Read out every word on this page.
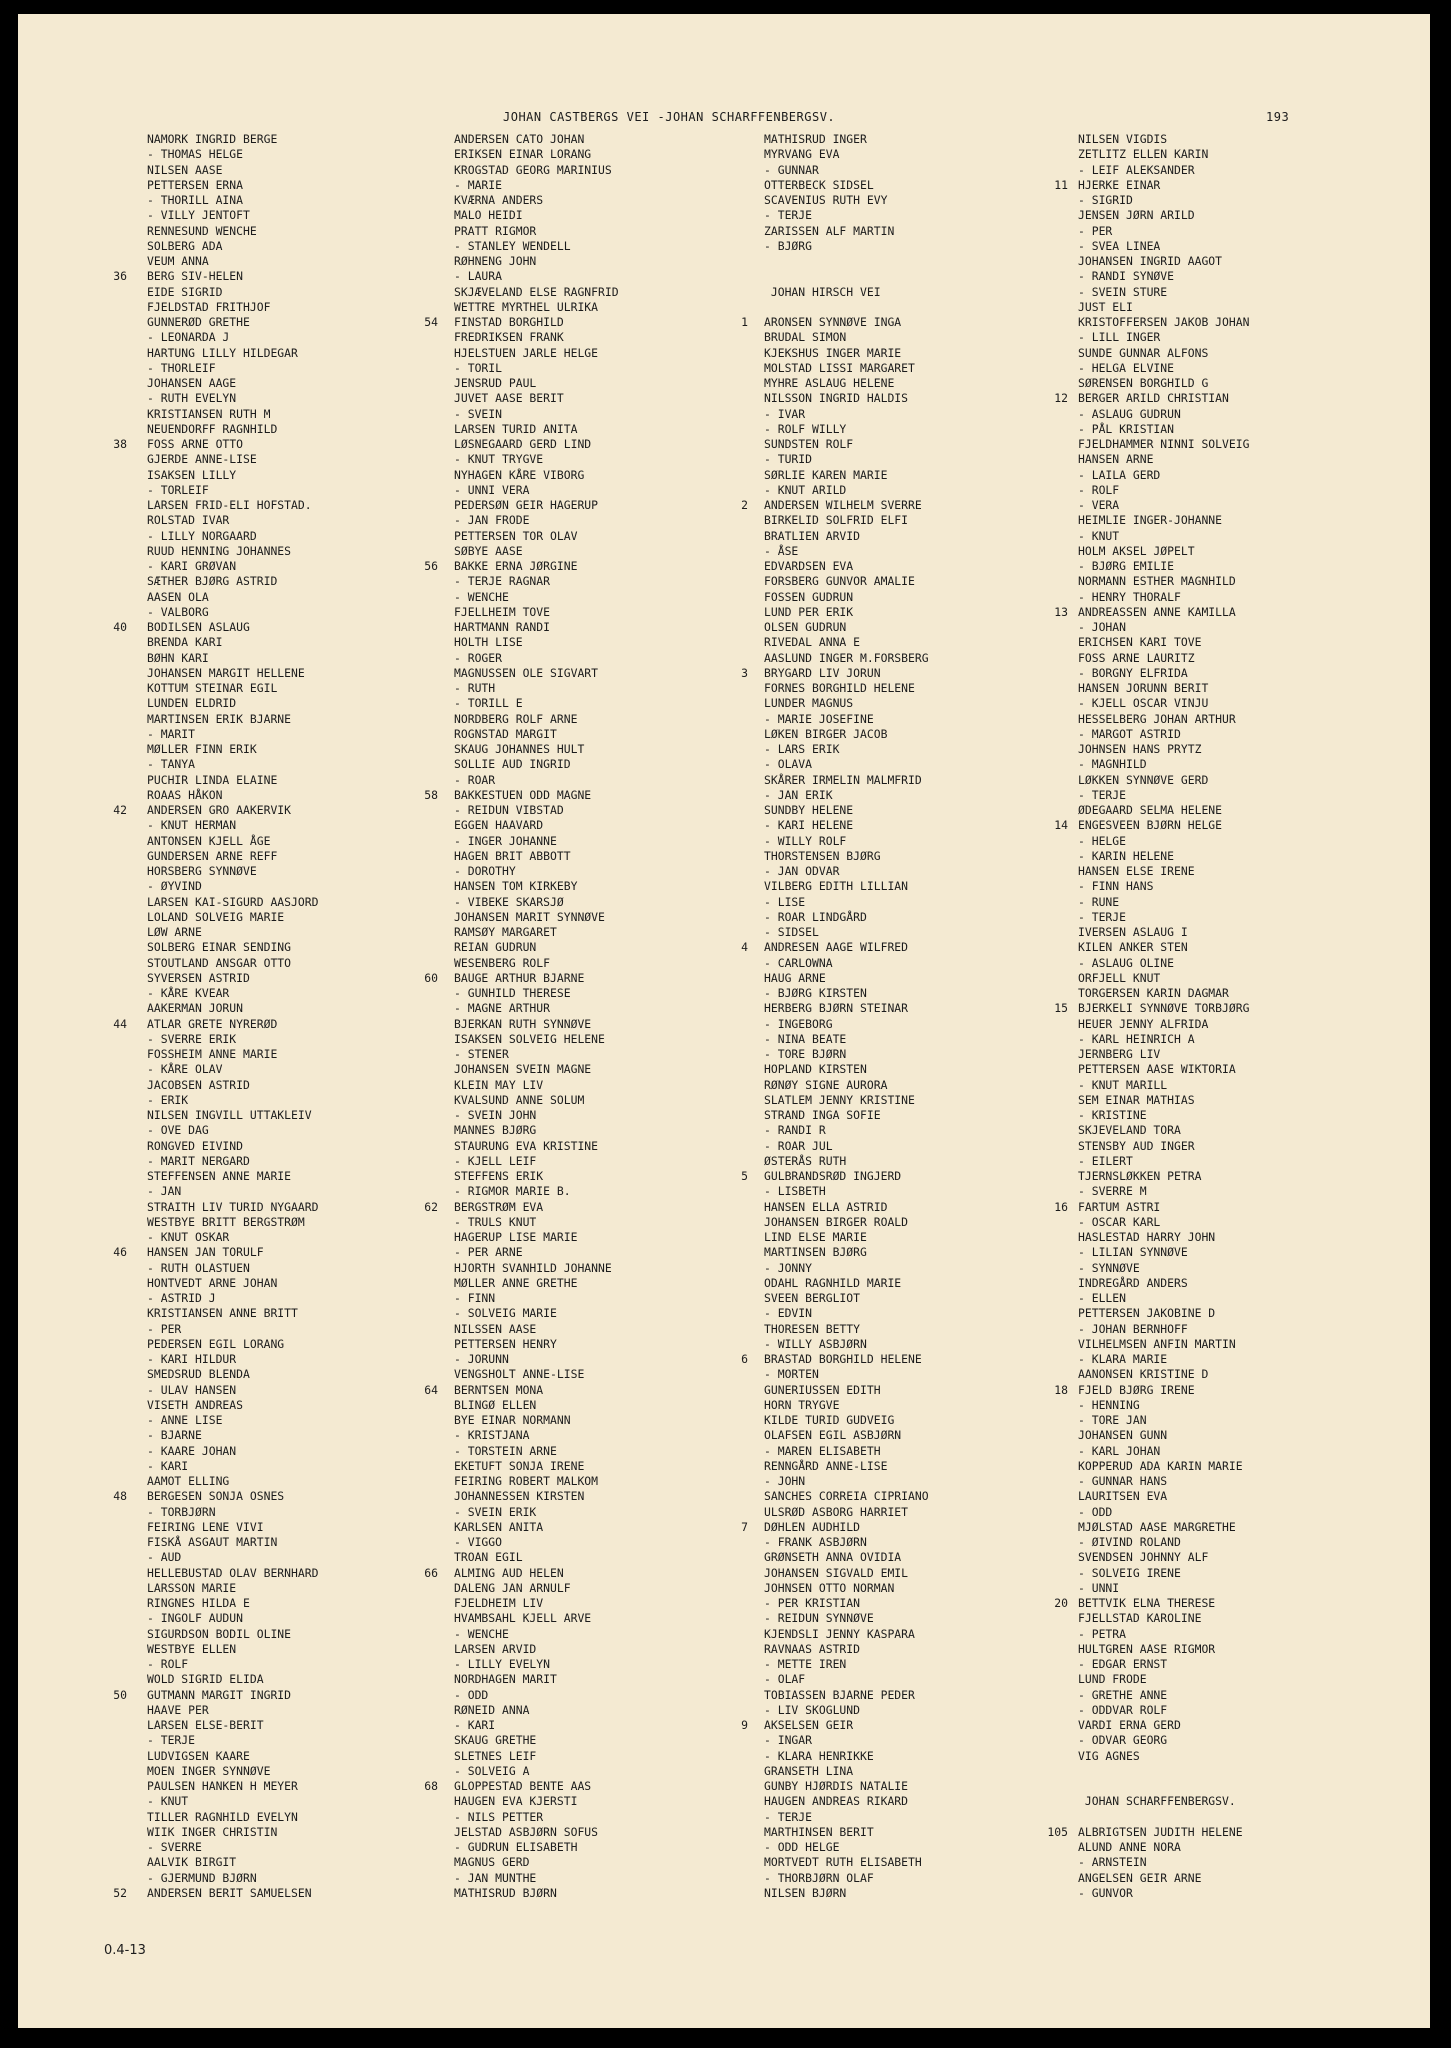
JOHAN CASTBERGS VEI -JOHAN SCHARFFENBERGSV.	193
NAMORK INGRID BERGE
- THOMAS HELGE
NILSEN AASE
PETTERSEN ERNA
- THORILL AINA
- VILLY JENTOFT
RENNESUND WENCHE
SOLBERG ADA
VEUM ANNA
36 BERG SIV-HELEN
EIDE SIGRID
FJELDSTAD FRITHJOF
GUNNERØD GRETHE
- LEONARDA J
HARTUNG LILLY HILDEGAR
- THORLEIF
JOHANSEN AAGE
- RUTH EVELYN
KRISTIANSEN RUTH M
NEUENDORFF RAGNHILD
38 FOSS ARNE OTTO
GJERDE ANNE-LISE
ISAKSEN LILLY
- TORLEIF
LARSEN FRID-ELI HOFSTAD.
ROLSTAD IVAR
- LILLY NORGAARD
RUUD HENNING JOHANNES
- KARI GRØVAN
SÆTHER BJØRG ASTRID
AASEN OLA
- VALBORG
40 BODILSEN ASLAUG
BRENDA KARI
BØHN KARI
JOHANSEN MARGIT HELLENE
KOTTUM STEINAR EGIL
LUNDEN ELDRID
MARTINSEN ERIK BJARNE
- MARIT
MØLLER FINN ERIK
- TANYA
PUCHIR LINDA ELAINE
ROAAS HÅKON
42 ANDERSEN GRO AAKERVIK
- KNUT HERMAN
ANTONSEN KJELL ÅGE
GUNDERSEN ARNE REFF
HORSBERG SYNNØVE
- ØYVIND
LARSEN KAI-SIGURD AASJORD
LOLAND SOLVEIG MARIE
LØW ARNE
SOLBERG EINAR SENDING
STOUTLAND ANSGAR OTTO
SYVERSEN ASTRID
- KÅRE KVEAR
AAKERMAN JORUN
44 ATLAR GRETE NYRERØD
- SVERRE ERIK
FOSSHEIM ANNE MARIE
- KÅRE OLAV
JACOBSEN ASTRID
- ERIK
NILSEN INGVILL UTTAKLEIV
- OVE DAG
RONGVED EIVIND
- MARIT NERGARD
STEFFENSEN ANNE MARIE
- JAN
STRAITH LIV TURID NYGAARD
WESTBYE BRITT BERGSTRØM
- KNUT OSKAR
46 HANSEN JAN TORULF
- RUTH OLASTUEN
HONTVEDT ARNE JOHAN
- ASTRID J
KRISTIANSEN ANNE BRITT
- PER
PEDERSEN EGIL LORANG
- KARI HILDUR
SMEDSRUD BLENDA
- ULAV HANSEN
VISETH ANDREAS
- ANNE LISE
- BJARNE
- KAARE JOHAN
- KARI
AAMOT ELLING
48 BERGESEN SONJA OSNES
- TORBJØRN
FEIRING LENE VIVI
FISKÅ ASGAUT MARTIN
- AUD
HELLEBUSTAD OLAV BERNHARD
LARSSON MARIE
RINGNES HILDA E
- INGOLF AUDUN
SIGURDSON BODIL OLINE
WESTBYE ELLEN
- ROLF
WOLD SIGRID ELIDA
50 GUTMANN MARGIT INGRID
HAAVE PER
LARSEN ELSE-BERIT
- TERJE
LUDVIGSEN KAARE
MOEN INGER SYNNØVE
PAULSEN HANKEN H MEYER
- KNUT
TILLER RAGNHILD EVELYN
WIIK INGER CHRISTIN
- SVERRE
AALVIK BIRGIT
- GJERMUND BJØRN
52 ANDERSEN BERIT SAMUELSEN
ANDERSEN CATO JOHAN
ERIKSEN EINAR LORANG
KROGSTAD GEORG MARINIUS
- MARIE
KVÆRNA ANDERS
MALO HEIDI
PRATT RIGMOR
- STANLEY WENDELL
RØHNENG JOHN
- LAURA
SKJÆVELAND ELSE RAGNFRID
WETTRE MYRTHEL ULRIKA
54 FINSTAD BORGHILD
FREDRIKSEN FRANK
HJELSTUEN JARLE HELGE
- TORIL
JENSRUD PAUL
JUVET AASE BERIT
- SVEIN
LARSEN TURID ANITA
LØSNEGAARD GERD LIND
- KNUT TRYGVE
NYHAGEN KÅRE VIBORG
- UNNI VERA
PEDERSØN GEIR HAGERUP
- JAN FRODE
PETTERSEN TOR OLAV
SØBYE AASE
56 BAKKE ERNA JØRGINE
- TERJE RAGNAR
- WENCHE
FJELLHEIM TOVE
HARTMANN RANDI
HOLTH LISE
- ROGER
MAGNUSSEN OLE SIGVART
- RUTH
- TORILL E
NORDBERG ROLF ARNE
ROGNSTAD MARGIT
SKAUG JOHANNES HULT
SOLLIE AUD INGRID
- ROAR
58 BAKKESTUEN ODD MAGNE
- REIDUN VIBSTAD
EGGEN HAAVARD
- INGER JOHANNE
HAGEN BRIT ABBOTT
- DOROTHY
HANSEN TOM KIRKEBY
- VIBEKE SKARSJØ
JOHANSEN MARIT SYNNØVE
RAMSØY MARGARET
REIAN GUDRUN
WESENBERG ROLF
60 BAUGE ARTHUR BJARNE
- GUNHILD THERESE
- MAGNE ARTHUR
BJERKAN RUTH SYNNØVE
ISAKSEN SOLVEIG HELENE
- STENER
JOHANSEN SVEIN MAGNE
KLEIN MAY LIV
KVALSUND ANNE SOLUM
- SVEIN JOHN
MANNES BJØRG
STAURUNG EVA KRISTINE
- KJELL LEIF
STEFFENS ERIK
- RIGMOR MARIE B.
62 BERGSTRØM EVA
- TRULS KNUT
HAGERUP LISE MARIE
- PER ARNE
HJORTH SVANHILD JOHANNE
MØLLER ANNE GRETHE
- FINN
- SOLVEIG MARIE
NILSSEN AASE
PETTERSEN HENRY
- JORUNN
VENGSHOLT ANNE-LISE
64 BERNTSEN MONA
BLINGØ ELLEN
BYE EINAR NORMANN
- KRISTJANA
- TORSTEIN ARNE
EKETUFT SONJA IRENE
FEIRING ROBERT MALKOM
JOHANNESSEN KIRSTEN
- SVEIN ERIK
KARLSEN ANITA
- VIGGO
TROAN EGIL
66 ALMING AUD HELEN
DALENG JAN ARNULF
FJELDHEIM LIV
HVAMBSAHL KJELL ARVE
- WENCHE
LARSEN ARVID
- LILLY EVELYN
NORDHAGEN MARIT
- ODD
RØNEID ANNA
- KARI
SKAUG GRETHE
SLETNES LEIF
- SOLVEIG A
68 GLOPPESTAD BENTE AAS
HAUGEN EVA KJERSTI
- NILS PETTER
JELSTAD ASBJØRN SOFUS
- GUDRUN ELISABETH
MAGNUS GERD
- JAN MUNTHE
MATHISRUD BJØRN
MATHISRUD INGER
MYRVANG EVA
- GUNNAR
OTTERBECK SIDSEL
SCAVENIUS RUTH EVY
- TERJE
ZARISSEN ALF MARTIN
- BJØRG
JOHAN HIRSCH VEI
1 ARONSEN SYNNØVE INGA
BRUDAL SIMON
KJEKSHUS INGER MARIE
MOLSTAD LISSI MARGARET
MYHRE ASLAUG HELENE
NILSSON INGRID HALDIS
- IVAR
- ROLF WILLY
SUNDSTEN ROLF
- TURID
SØRLIE KAREN MARIE
- KNUT ARILD
2 ANDERSEN WILHELM SVERRE
BIRKELID SOLFRID ELFI
BRATLIEN ARVID
- ÅSE
EDVARDSEN EVA
FORSBERG GUNVOR AMALIE
FOSSEN GUDRUN
LUND PER ERIK
OLSEN GUDRUN
RIVEDAL ANNA E
AASLUND INGER M.FORSBERG
3 BRYGARD LIV JORUN
FORNES BORGHILD HELENE
LUNDER MAGNUS
- MARIE JOSEFINE
LØKEN BIRGER JACOB
- LARS ERIK
- OLAVA
SKÅRER IRMELIN MALMFRID
- JAN ERIK
SUNDBY HELENE
- KARI HELENE
- WILLY ROLF
THORSTENSEN BJØRG
- JAN ODVAR
VILBERG EDITH LILLIAN
- LISE
- ROAR LINDGÅRD
- SIDSEL
4 ANDRESEN AAGE WILFRED
- CARLOWNA
HAUG ARNE
- BJØRG KIRSTEN
HERBERG BJØRN STEINAR
- INGEBORG
- NINA BEATE
- TORE BJØRN
HOPLAND KIRSTEN
RØNØY SIGNE AURORA
SLATLEM JENNY KRISTINE
STRAND INGA SOFIE
- RANDI R
- ROAR JUL
ØSTERÅS RUTH
5 GULBRANDSRØD INGJERD
- LISBETH
HANSEN ELLA ASTRID
JOHANSEN BIRGER ROALD
LIND ELSE MARIE
MARTINSEN BJØRG
- JONNY
ODAHL RAGNHILD MARIE
SVEEN BERGLIOT
- EDVIN
THORESEN BETTY
- WILLY ASBJØRN
6 BRASTAD BORGHILD HELENE
- MORTEN
GUNERIUSSEN EDITH
HORN TRYGVE
KILDE TURID GUDVEIG
OLAFSEN EGIL ASBJØRN
- MAREN ELISABETH
RENNGÅRD ANNE-LISE
- JOHN
SANCHES CORREIA CIPRIANO
ULSRØD ASBORG HARRIET
7 DØHLEN AUDHILD
- FRANK ASBJØRN
GRØNSETH ANNA OVIDIA
JOHANSEN SIGVALD EMIL
JOHNSEN OTTO NORMAN
- PER KRISTIAN
- REIDUN SYNNØVE
KJENDSLI JENNY KASPARA
RAVNAAS ASTRID
- METTE IREN
- OLAF
TOBIASSEN BJARNE PEDER
- LIV SKOGLUND
9 AKSELSEN GEIR
- INGAR
- KLARA HENRIKKE
GRANSETH LINA
GUNBY HJØRDIS NATALIE
HAUGEN ANDREAS RIKARD
- TERJE
MARTHINSEN BERIT
- ODD HELGE
MORTVEDT RUTH ELISABETH
- THORBJØRN OLAF
NILSEN BJØRN
NILSEN VIGDIS
ZETLITZ ELLEN KARIN
- LEIF ALEKSANDER
11 HJERKE EINAR
- SIGRID
JENSEN JØRN ARILD
- PER
- SVEA LINEA
JOHANSEN INGRID AAGOT
- RANDI SYNØVE
- SVEIN STURE
JUST ELI
KRISTOFFERSEN JAKOB JOHAN
- LILL INGER
SUNDE GUNNAR ALFONS
- HELGA ELVINE
SØRENSEN BORGHILD G
12 BERGER ARILD CHRISTIAN
- ASLAUG GUDRUN
- PÅL KRISTIAN
FJELDHAMMER NINNI SOLVEIG
HANSEN ARNE
- LAILA GERD
- ROLF
- VERA
HEIMLIE INGER-JOHANNE
- KNUT
HOLM AKSEL JØPELT
- BJØRG EMILIE
NORMANN ESTHER MAGNHILD
- HENRY THORALF
13 ANDREASSEN ANNE KAMILLA
- JOHAN
ERICHSEN KARI TOVE
FOSS ARNE LAURITZ
- BORGNY ELFRIDA
HANSEN JORUNN BERIT
- KJELL OSCAR VINJU
HESSELBERG JOHAN ARTHUR
- MARGOT ASTRID
JOHNSEN HANS PRYTZ
- MAGNHILD
LØKKEN SYNNØVE GERD
- TERJE
ØDEGAARD SELMA HELENE
14 ENGESVEEN BJØRN HELGE
- HELGE
- KARIN HELENE
HANSEN ELSE IRENE
- FINN HANS
- RUNE
- TERJE
IVERSEN ASLAUG I
KILEN ANKER STEN
- ASLAUG OLINE
ORFJELL KNUT
TORGERSEN KARIN DAGMAR
15 BJERKELI SYNNØVE TORBJØRG
HEUER JENNY ALFRIDA
- KARL HEINRICH A
JERNBERG LIV
PETTERSEN AASE WIKTORIA
- KNUT MARILL
SEM EINAR MATHIAS
- KRISTINE
SKJEVELAND TORA
STENSBY AUD INGER
- EILERT
TJERNSLØKKEN PETRA
- SVERRE M
16 FARTUM ASTRI
- OSCAR KARL
HASLESTAD HARRY JOHN
- LILIAN SYNNØVE
- SYNNØVE
INDREGÅRD ANDERS
- ELLEN
PETTERSEN JAKOBINE D
- JOHAN BERNHOFF
VILHELMSEN ANFIN MARTIN
- KLARA MARIE
AANONSEN KRISTINE D
18 FJELD BJØRG IRENE
- HENNING
- TORE JAN
JOHANSEN GUNN
- KARL JOHAN
KOPPERUD ADA KARIN MARIE
- GUNNAR HANS
LAURITSEN EVA
- ODD
MJØLSTAD AASE MARGRETHE
- ØIVIND ROLAND
SVENDSEN JOHNNY ALF
- SOLVEIG IRENE
- UNNI
20 BETTVIK ELNA THERESE
FJELLSTAD KAROLINE
- PETRA
HULTGREN AASE RIGMOR
- EDGAR ERNST
LUND FRODE
- GRETHE ANNE
- ODDVAR ROLF
VARDI ERNA GERD
- ODVAR GEORG
VIG AGNES
JOHAN SCHARFFENBERGSV.
105 ALBRIGTSEN JUDITH HELENE
ALUND ANNE NORA
- ARNSTEIN
ANGELSEN GEIR ARNE
- GUNVOR
0.4-13
